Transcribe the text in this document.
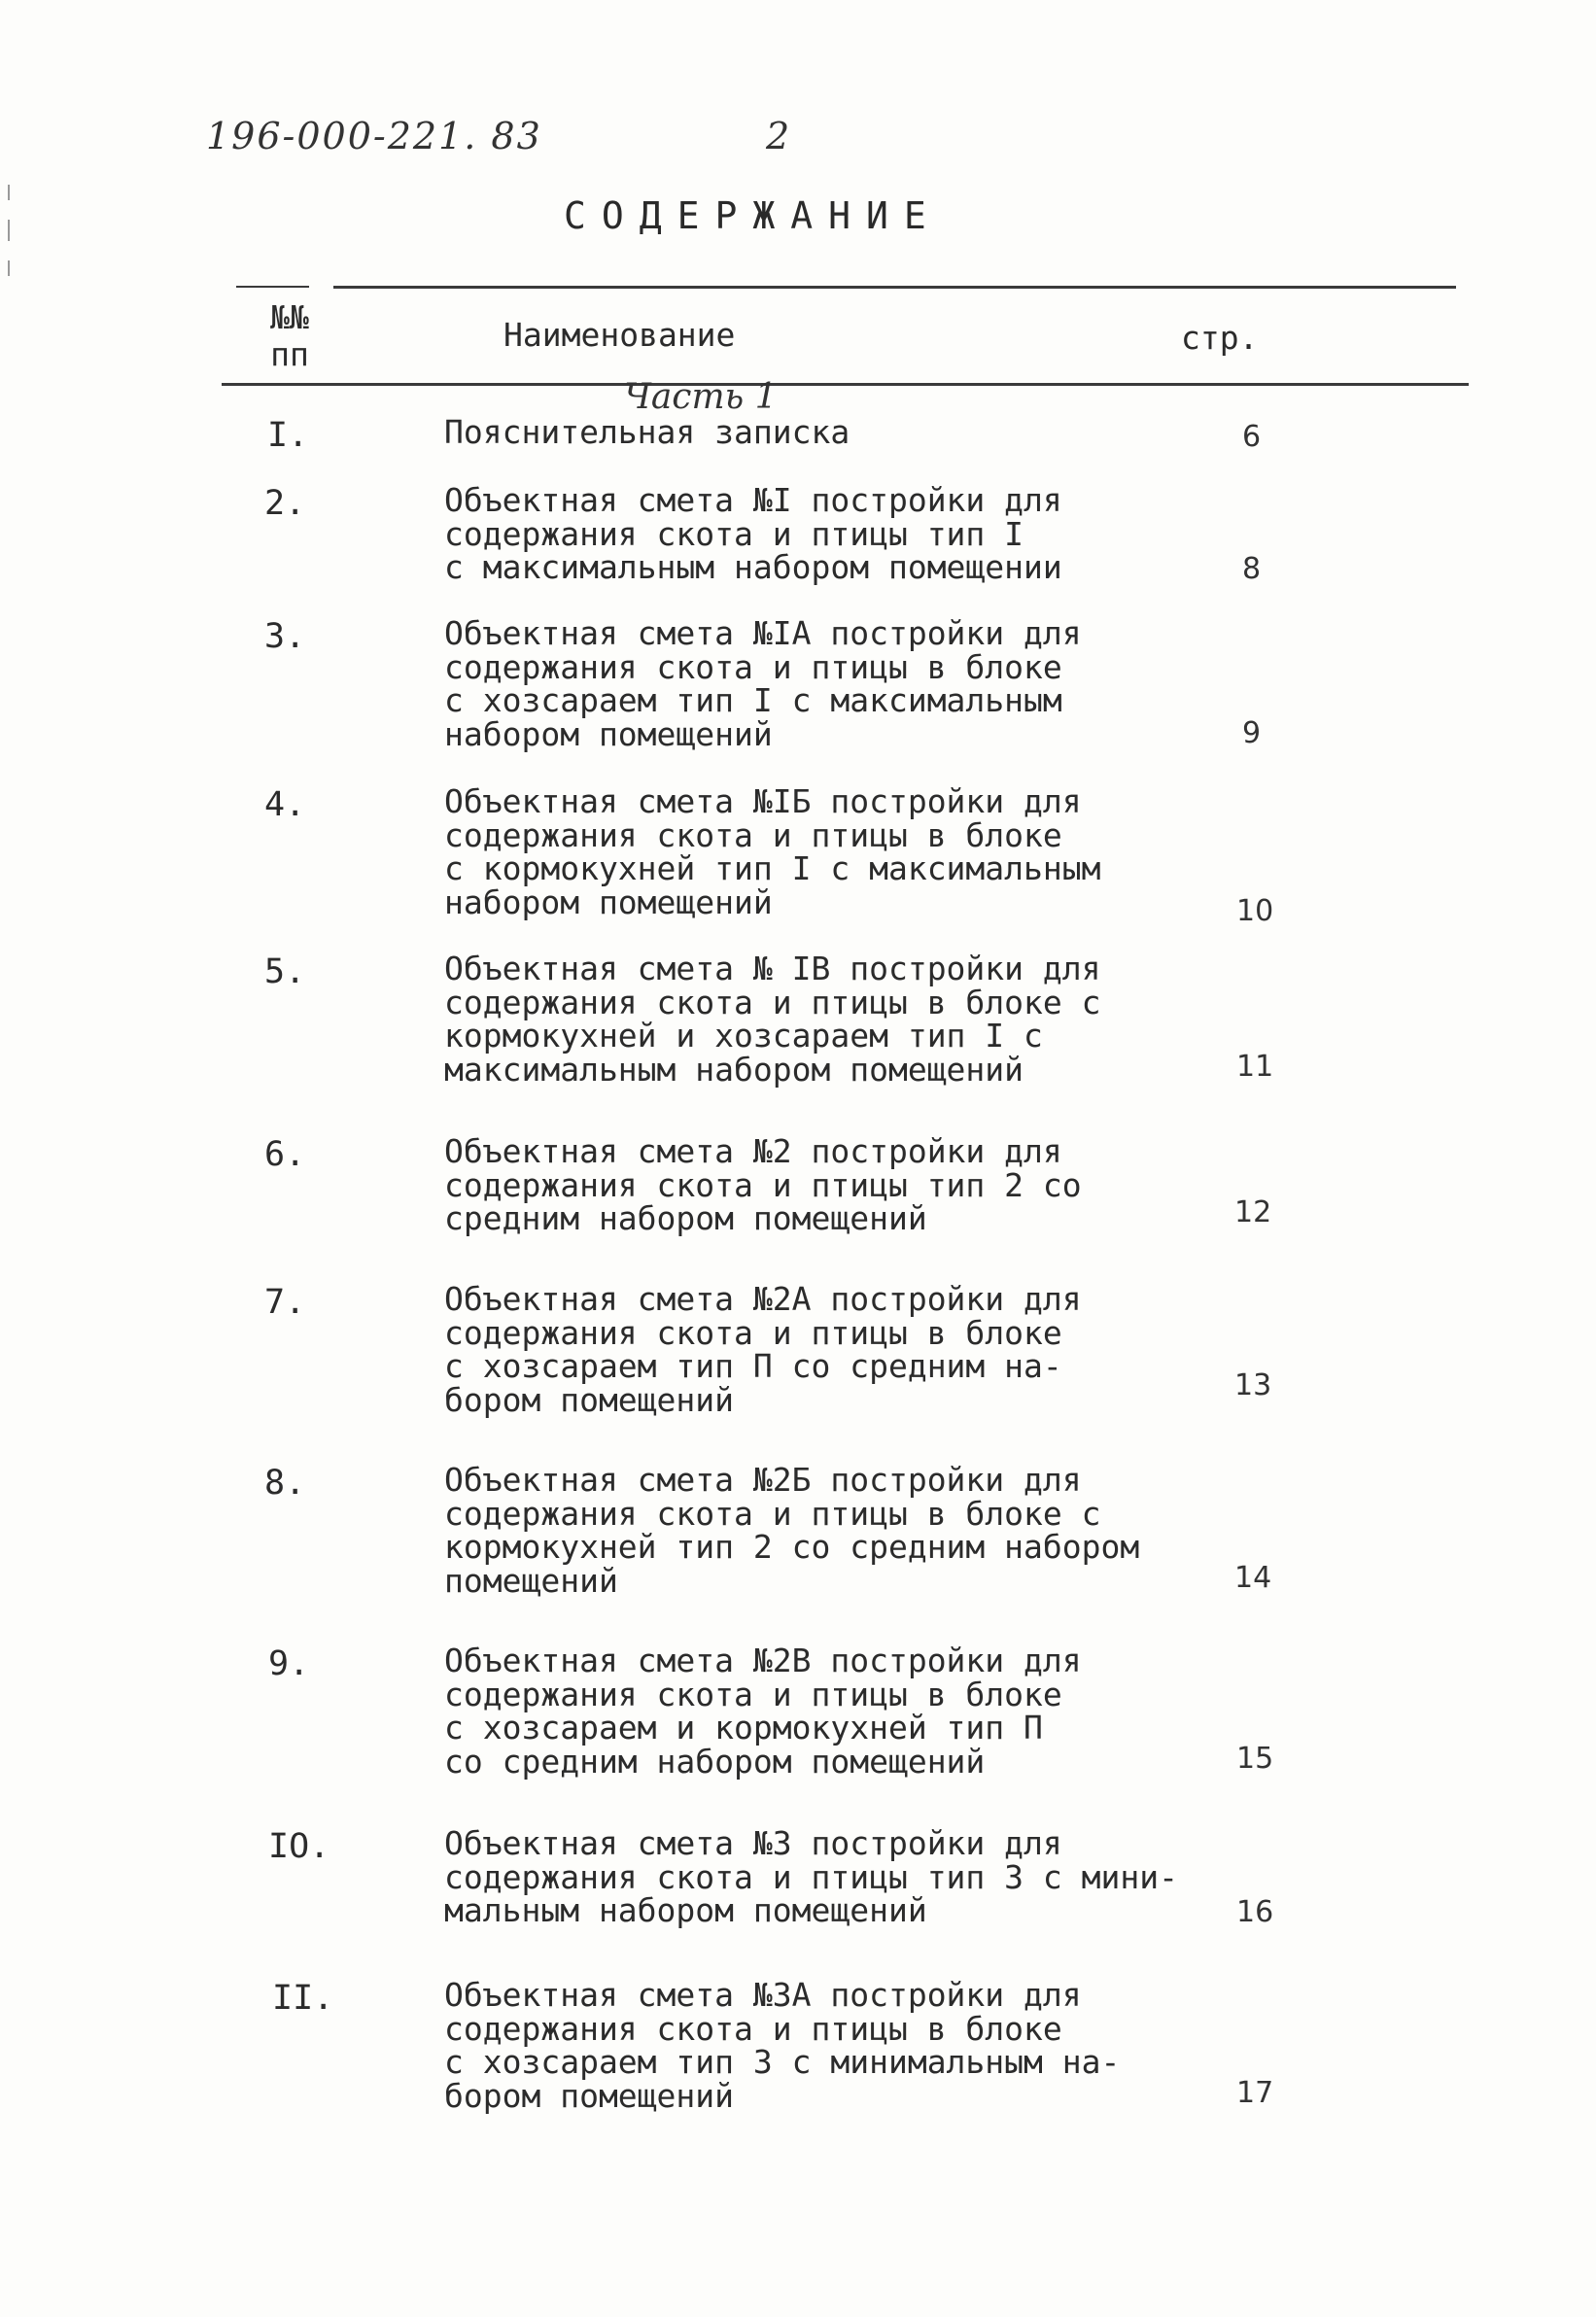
196-000-221. 83	2
СОДЕРЖАНИЕ
№№
пп
Наименование	стр.
Часть 1
I.	Пояснительная записка	6
2.	Объектная смета №I постройки для
содержания скота и птицы тип I
с максимальным набором помещении	8
3.	Объектная смета №IА постройки для
содержания скота и птицы в блоке
с хозсараем тип I с максимальным
набором помещений	9
4.	Объектная смета №IБ постройки для
содержания скота и птицы в блоке
с кормокухней тип I с максимальным
набором помещений	10
5.	Объектная смета № IВ постройки для
содержания скота и птицы в блоке с
кормокухней и хозсараем тип I с
максимальным набором помещений	11
6.	Объектная смета №2 постройки для
содержания скота и птицы тип 2 со
средним набором помещений	12
7.	Объектная смета №2А постройки для
содержания скота и птицы в блоке
с хозсараем тип П со средним на-
бором помещений	13
8.	Объектная смета №2Б постройки для
содержания скота и птицы в блоке с
кормокухней тип 2 со средним набором
помещений	14
9.	Объектная смета №2В постройки для
содержания скота и птицы в блоке
с хозсараем и кормокухней тип П
со средним набором помещений	15
IO.	Объектная смета №3 постройки для
содержания скота и птицы тип 3 с мини-
мальным набором помещений	16
II.	Объектная смета №3А постройки для
содержания скота и птицы в блоке
с хозсараем тип 3 с минимальным на-
бором помещений	17
